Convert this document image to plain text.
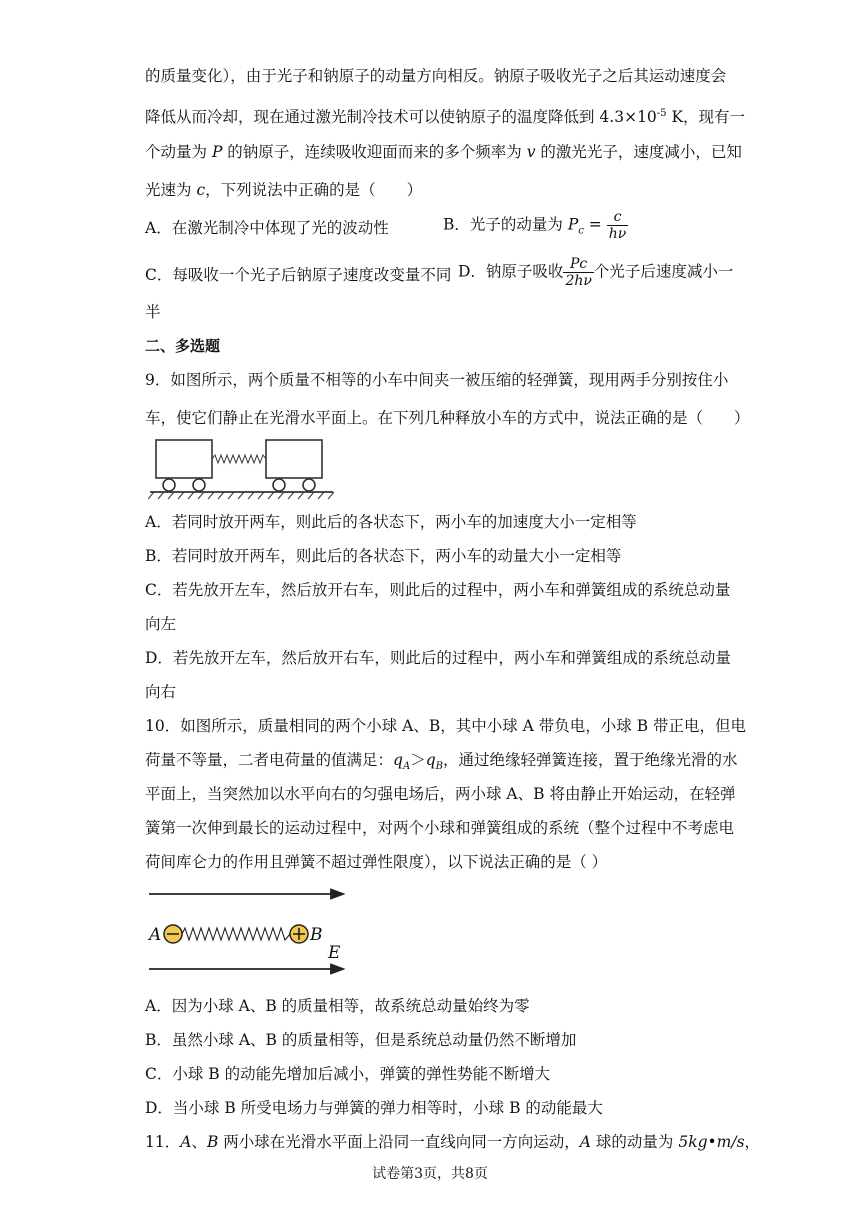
的质量变化），由于光子和钠原子的动量方向相反。钠原子吸收光子之后其运动速度会
降低从而冷却，现在通过激光制冷技术可以使钠原子的温度降低到 $4.3\times 10^{-5}$ K，现有一
个动量为 P 的钠原子，连续吸收迎面而来的多个频率为 v 的激光光子，速度减小，已知
光速为 c，下列说法中正确的是（　　）
A．在激光制冷中体现了光的波动性	B．光子的动量为 $P_c = \frac{c}{h\nu}$
C．每吸收一个光子后钠原子速度改变量不同 D．钠原子吸收 $\frac{Pc}{2h\nu}$ 个光子后速度减小一
半
二、多选题
9．如图所示，两个质量不相等的小车中间夹一被压缩的轻弹簧，现用两手分别按住小
车，使它们静止在光滑水平面上。在下列几种释放小车的方式中，说法正确的是（　　）
A．若同时放开两车，则此后的各状态下，两小车的加速度大小一定相等
B．若同时放开两车，则此后的各状态下，两小车的动量大小一定相等
C．若先放开左车，然后放开右车，则此后的过程中，两小车和弹簧组成的系统总动量
向左
D．若先放开左车，然后放开右车，则此后的过程中，两小车和弹簧组成的系统总动量
向右
10．如图所示，质量相同的两个小球 A、B，其中小球 A 带负电，小球 B 带正电，但电
荷量不等量，二者电荷量的值满足：$q_A>q_B$，通过绝缘轻弹簧连接，置于绝缘光滑的水
平面上，当突然加以水平向右的匀强电场后，两小球 A、B 将由静止开始运动，在轻弹
簧第一次伸到最长的运动过程中，对两个小球和弹簧组成的系统（整个过程中不考虑电
荷间库仑力的作用且弹簧不超过弹性限度），以下说法正确的是（ ）
A	B
E
A．因为小球 A、B 的质量相等，故系统总动量始终为零
B．虽然小球 A、B 的质量相等，但是系统总动量仍然不断增加
C．小球 B 的动能先增加后减小，弹簧的弹性势能不断增大
D．当小球 B 所受电场力与弹簧的弹力相等时，小球 B 的动能最大
11．A、B 两小球在光滑水平面上沿同一直线向同一方向运动，A 球的动量为 5kg•m/s，
试卷第3页，共8页
